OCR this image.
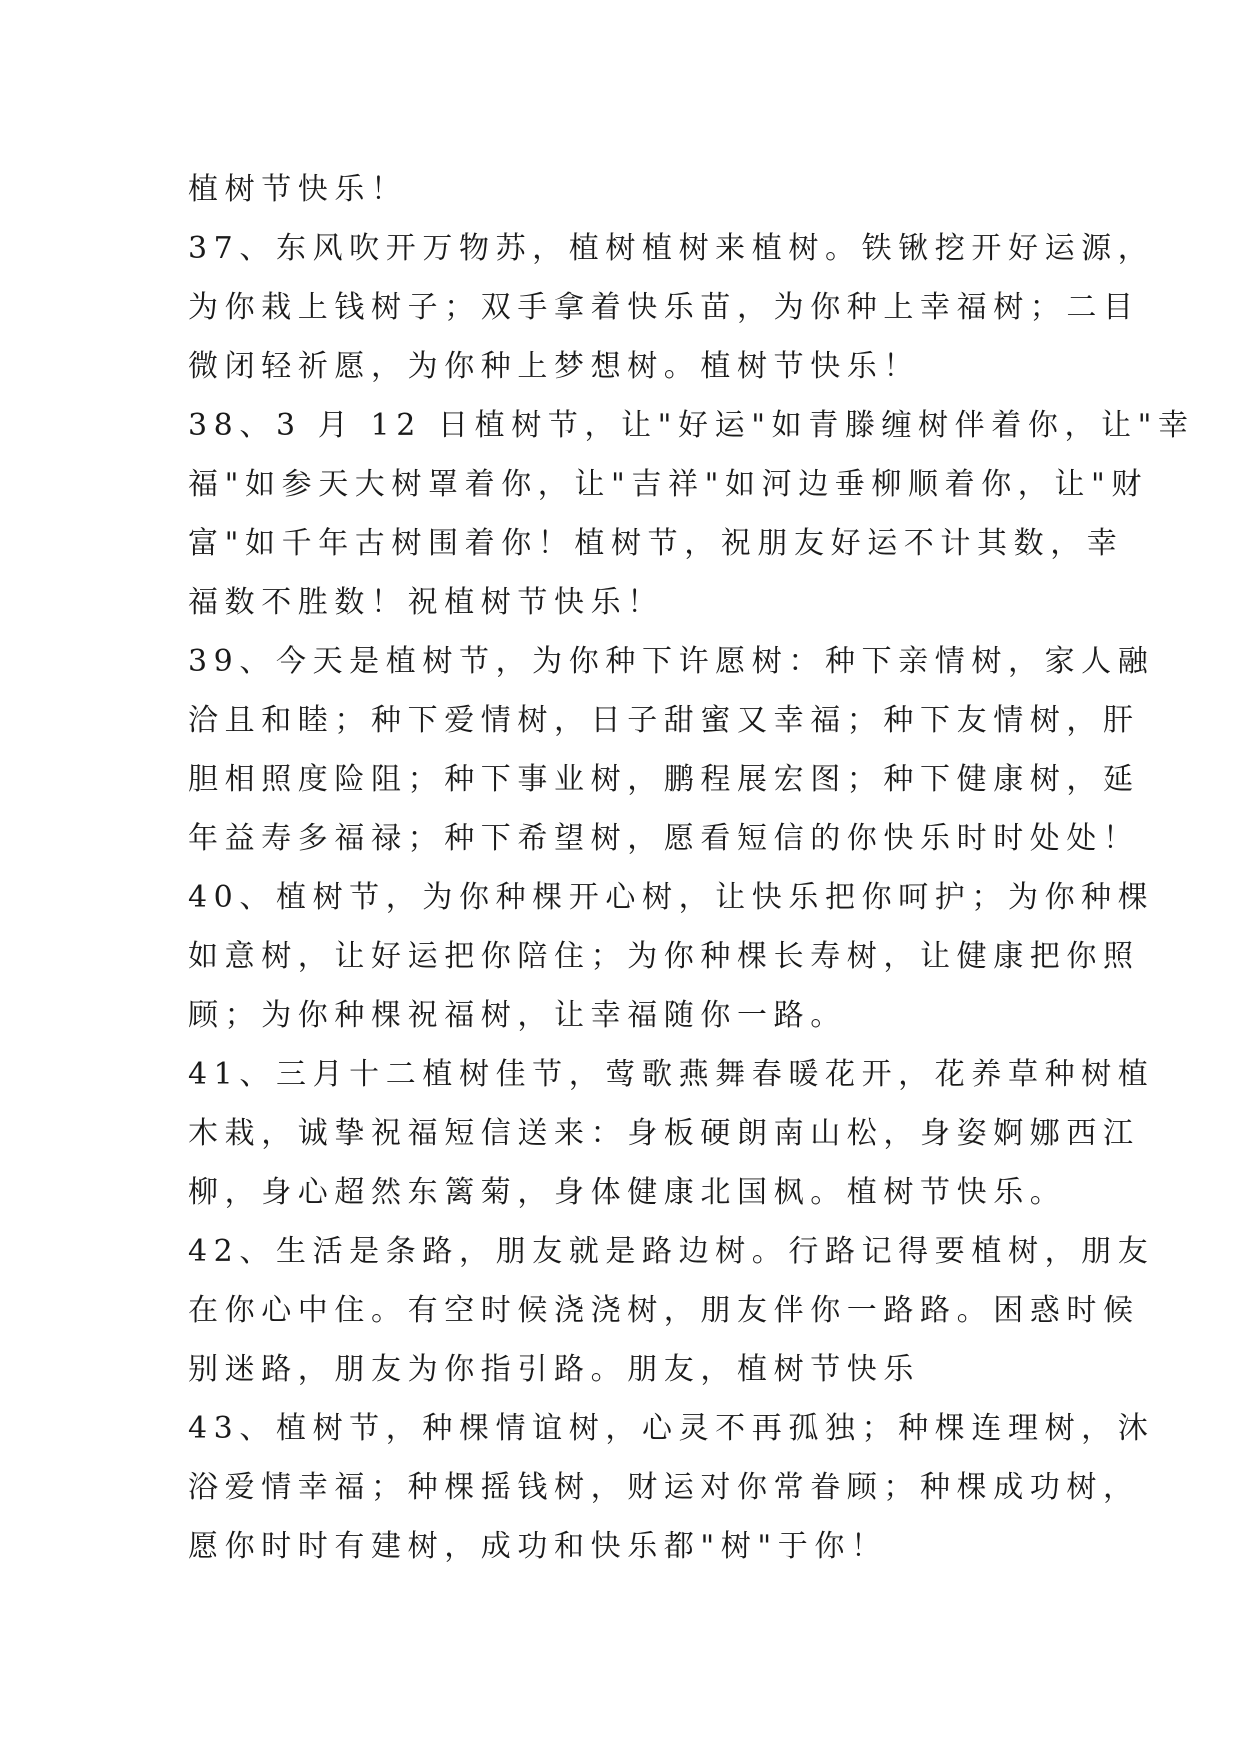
植树节快乐！
37、东风吹开万物苏，植树植树来植树。铁锹挖开好运源，
为你栽上钱树子；双手拿着快乐苗，为你种上幸福树；二目
微闭轻祈愿，为你种上梦想树。植树节快乐！
38、3 月 12 日植树节，让"好运"如青滕缠树伴着你，让"幸
福"如参天大树罩着你，让"吉祥"如河边垂柳顺着你，让"财
富"如千年古树围着你！植树节，祝朋友好运不计其数，幸
福数不胜数！祝植树节快乐！
39、今天是植树节，为你种下许愿树：种下亲情树，家人融
洽且和睦；种下爱情树，日子甜蜜又幸福；种下友情树，肝
胆相照度险阻；种下事业树，鹏程展宏图；种下健康树，延
年益寿多福禄；种下希望树，愿看短信的你快乐时时处处！
40、植树节，为你种棵开心树，让快乐把你呵护；为你种棵
如意树，让好运把你陪住；为你种棵长寿树，让健康把你照
顾；为你种棵祝福树，让幸福随你一路。
41、三月十二植树佳节，莺歌燕舞春暖花开，花养草种树植
木栽，诚挚祝福短信送来：身板硬朗南山松，身姿婀娜西江
柳，身心超然东篱菊，身体健康北国枫。植树节快乐。
42、生活是条路，朋友就是路边树。行路记得要植树，朋友
在你心中住。有空时候浇浇树，朋友伴你一路路。困惑时候
别迷路，朋友为你指引路。朋友，植树节快乐
43、植树节，种棵情谊树，心灵不再孤独；种棵连理树，沐
浴爱情幸福；种棵摇钱树，财运对你常眷顾；种棵成功树，
愿你时时有建树，成功和快乐都"树"于你！
